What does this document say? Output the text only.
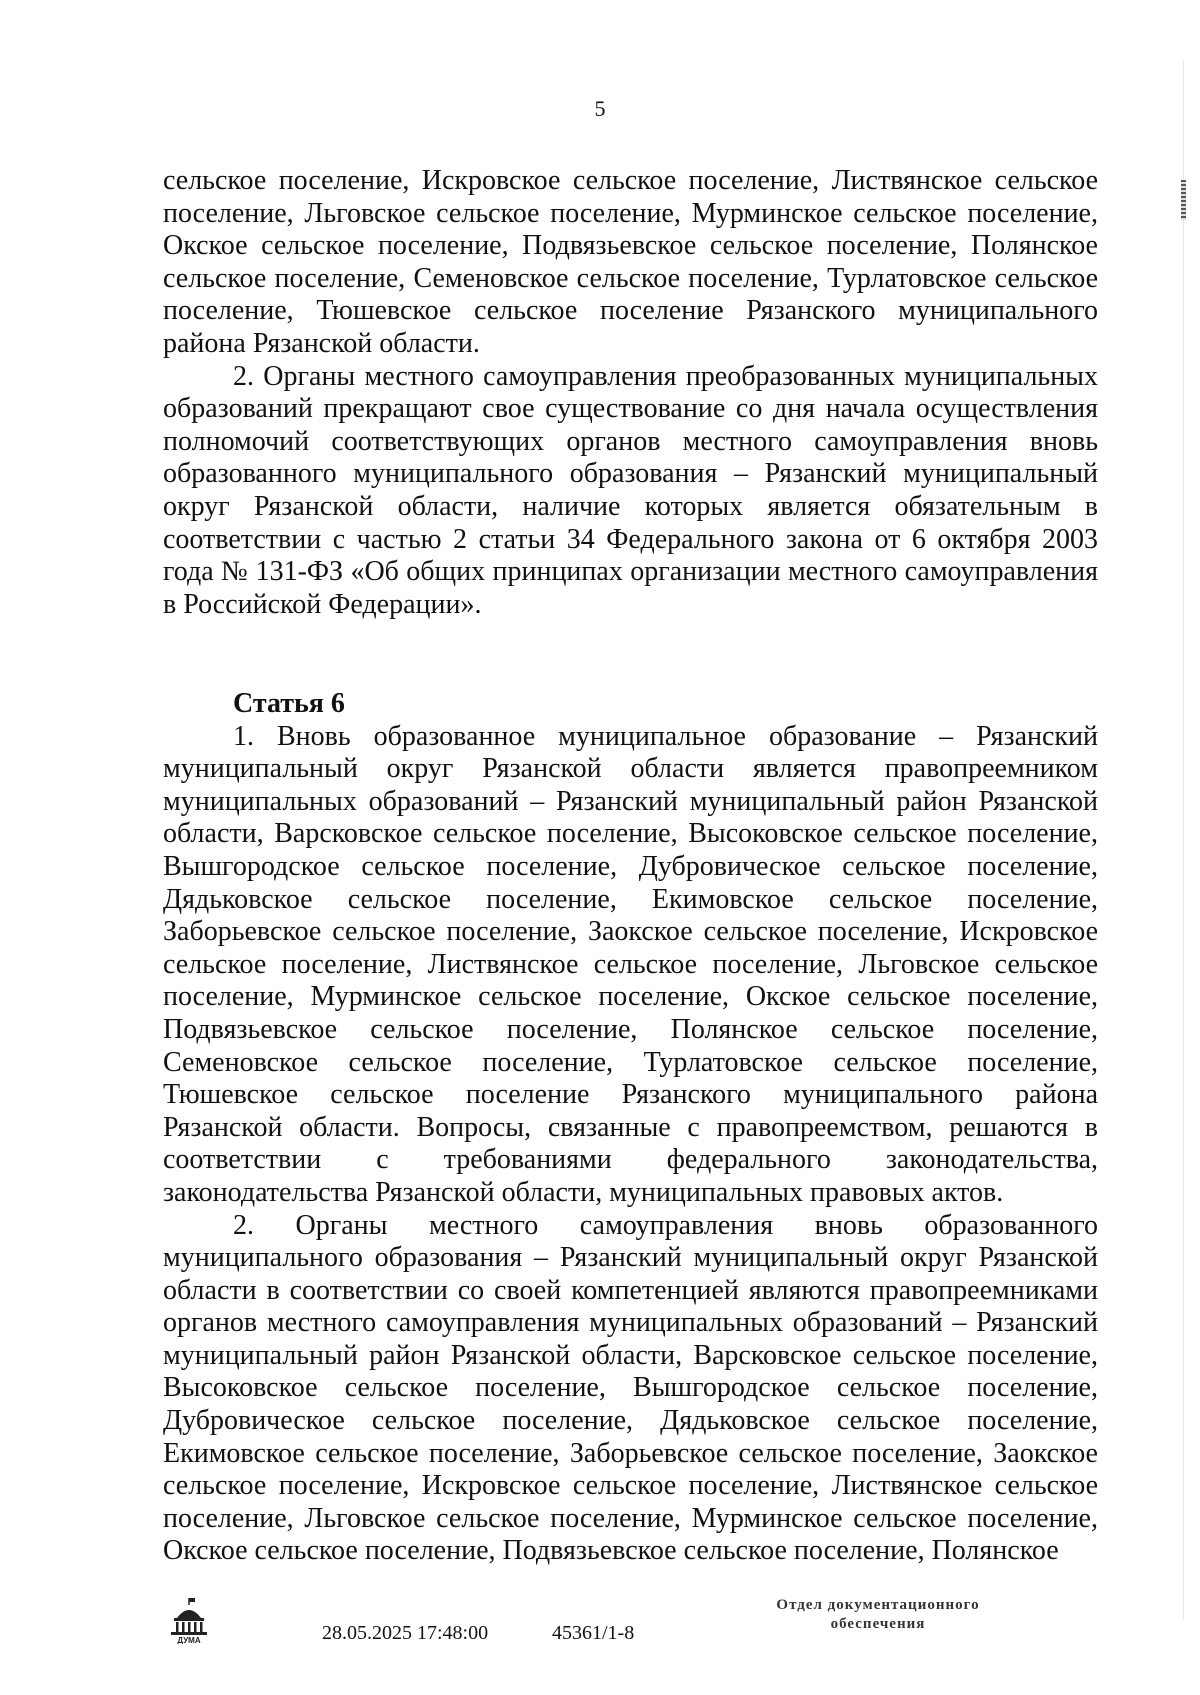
5

сельское поселение, Искровское сельское поселение, Листвянское сельское поселение, Льговское сельское поселение, Мурминское сельское поселение, Окское сельское поселение, Подвязьевское сельское поселение, Полянское сельское поселение, Семеновское сельское поселение, Турлатовское сельское поселение, Тюшевское сельское поселение Рязанского муниципального района Рязанской области.

2. Органы местного самоуправления преобразованных муниципальных образований прекращают свое существование со дня начала осуществления полномочий соответствующих органов местного самоуправления вновь образованного муниципального образования – Рязанский муниципальный округ Рязанской области, наличие которых является обязательным в соответствии с частью 2 статьи 34 Федерального закона от 6 октября 2003 года № 131-ФЗ «Об общих принципах организации местного самоуправления в Российской Федерации».

Статья 6

1. Вновь образованное муниципальное образование – Рязанский муниципальный округ Рязанской области является правопреемником муниципальных образований – Рязанский муниципальный район Рязанской области, Варсковское сельское поселение, Высоковское сельское поселение, Вышгородское сельское поселение, Дубровическое сельское поселение, Дядьковское сельское поселение, Екимовское сельское поселение, Заборьевское сельское поселение, Заокское сельское поселение, Искровское сельское поселение, Листвянское сельское поселение, Льговское сельское поселение, Мурминское сельское поселение, Окское сельское поселение, Подвязьевское сельское поселение, Полянское сельское поселение, Семеновское сельское поселение, Турлатовское сельское поселение, Тюшевское сельское поселение Рязанского муниципального района Рязанской области. Вопросы, связанные с правопреемством, решаются в соответствии с требованиями федерального законодательства, законодательства Рязанской области, муниципальных правовых актов.

2. Органы местного самоуправления вновь образованного муниципального образования – Рязанский муниципальный округ Рязанской области в соответствии со своей компетенцией являются правопреемниками органов местного самоуправления муниципальных образований – Рязанский муниципальный район Рязанской области, Варсковское сельское поселение, Высоковское сельское поселение, Вышгородское сельское поселение, Дубровическое сельское поселение, Дядьковское сельское поселение, Екимовское сельское поселение, Заборьевское сельское поселение, Заокское сельское поселение, Искровское сельское поселение, Листвянское сельское поселение, Льговское сельское поселение, Мурминское сельское поселение, Окское сельское поселение, Подвязьевское сельское поселение, Полянское

ДУМА	28.05.2025 17:48:00	45361/1-8
Отдел документационного
обеспечения
